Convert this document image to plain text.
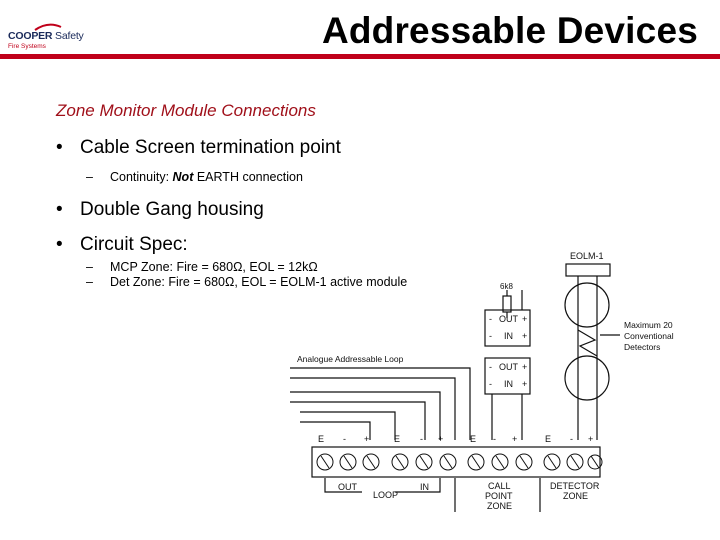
COOPER Safety
Fire Systems	Addressable Devices
Zone Monitor Module Connections
• Cable Screen termination point
– Continuity: Not EARTH connection
• Double Gang housing
• Circuit Spec:
– MCP Zone: Fire = 680Ω, EOL = 12kΩ
– Det Zone: Fire = 680Ω, EOL = EOLM-1 active module
EOLM-1
6k8
- OUT +
- IN +
- OUT +
- IN +
Analogue Addressable Loop
Maximum 20
Conventional
Detectors
E - +	E - +	E - +	E - +
OUT	IN
LOOP
CALL
POINT
ZONE
DETECTOR
ZONE
